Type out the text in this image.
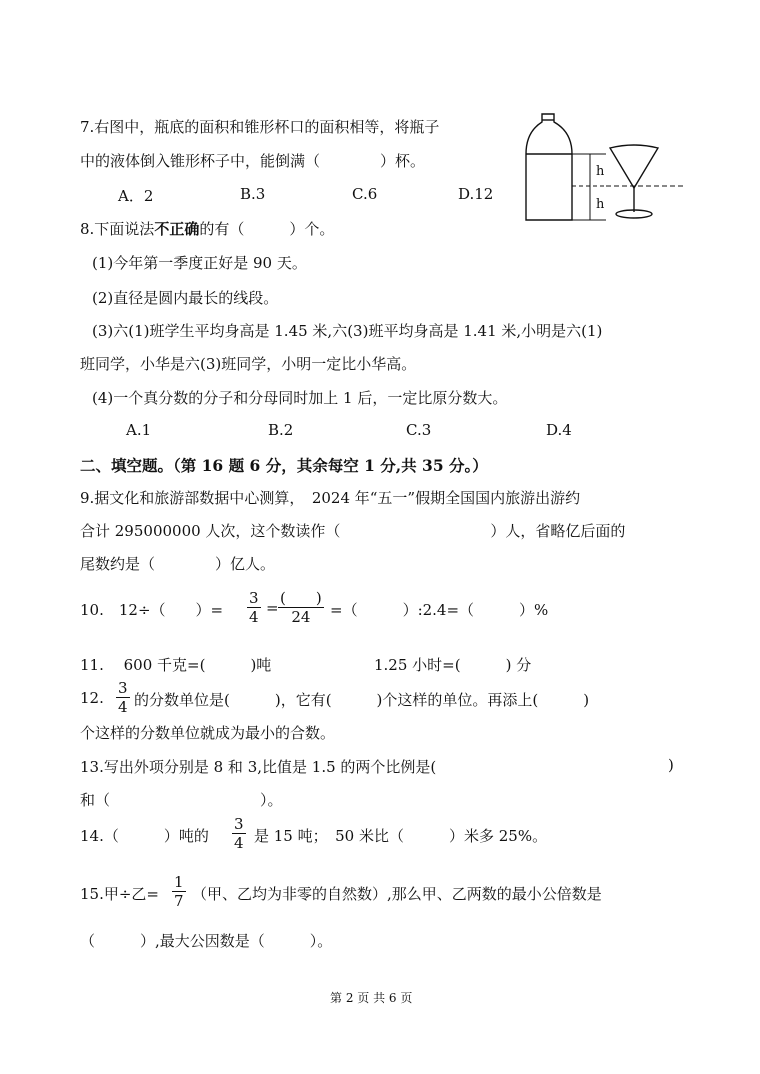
7.右图中，瓶底的面积和锥形杯口的面积相等，将瓶子
中的液体倒入锥形杯子中，能倒满（　　　　）杯。
A．2	B.3	C.6	D.12
h
h
8.下面说法不正确的有（　　　）个。
(1)今年第一季度正好是 90 天。
(2)直径是圆内最长的线段。
(3)六(1)班学生平均身高是 1.45 米,六(3)班平均身高是 1.41 米,小明是六(1)
班同学，小华是六(3)班同学，小明一定比小华高。
(4)一个真分数的分子和分母同时加上 1 后，一定比原分数大。
A.1	B.2	C.3	D.4
二、填空题。（第 16 题 6 分，其余每空 1 分,共 35 分。）
9.据文化和旅游部数据中心测算，　2024 年“五一”假期全国国内旅游出游约
合计 295000000 人次，这个数读作（　　　　　　　　　　）人，省略亿后面的
尾数约是（　　　　）亿人。
10.　12÷（　　）= $\frac{3}{4}$ =
(　　)
24 =（　　　）:2.4=（　　　）%
11.　 600 千克=(　　　)吨	1.25 小时=(　　　) 分
12. $\frac{3}{4}$ 的分数单位是(　　　)，它有(　　　)个这样的单位。再添上(　　　)
个这样的分数单位就成为最小的合数。
13.写出外项分别是 8 和 3,比值是 1.5 的两个比例是(	)
和（　　　　　　　　　　）。
14.（　　　）吨的 $\frac{3}{4}$ 是 15 吨；　50 米比（　　　）米多 25%。
15.甲÷乙= $\frac{1}{7}$ （甲、乙均为非零的自然数）,那么甲、乙两数的最小公倍数是
（　　　）,最大公因数是（　　　）。
第 2 页 共 6 页
